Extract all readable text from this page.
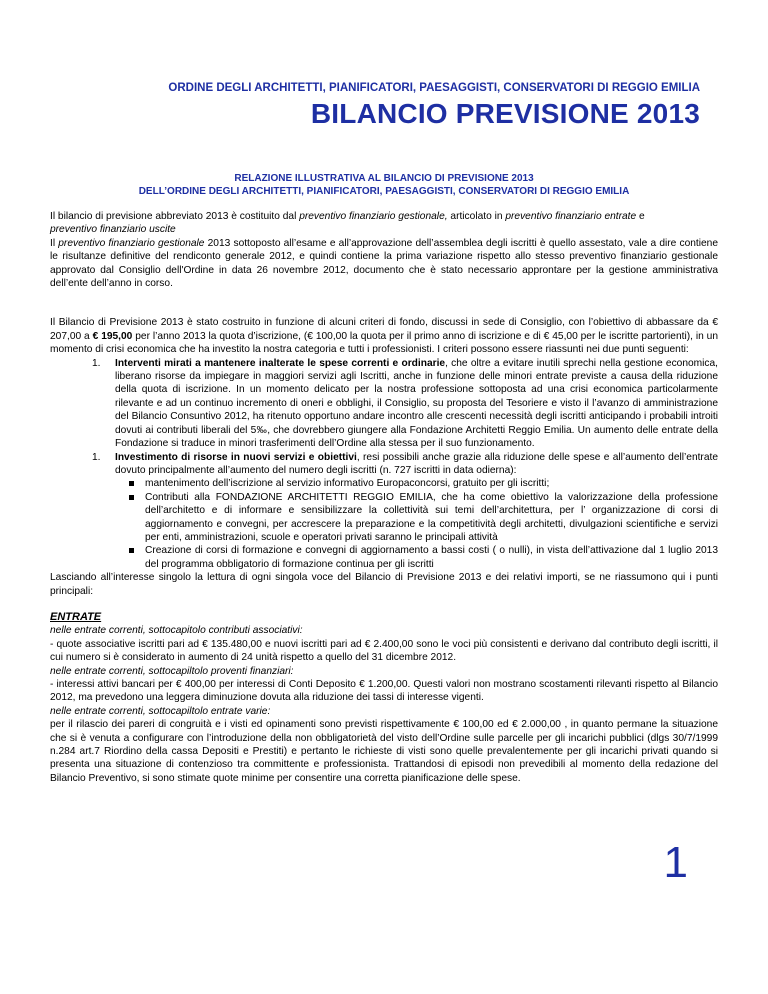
ORDINE DEGLI ARCHITETTI, PIANIFICATORI, PAESAGGISTI, CONSERVATORI DI REGGIO EMILIA
BILANCIO PREVISIONE 2013
RELAZIONE ILLUSTRATIVA AL BILANCIO DI PREVISIONE 2013
DELL’ORDINE DEGLI ARCHITETTI, PIANIFICATORI, PAESAGGISTI, CONSERVATORI DI REGGIO EMILIA

Il bilancio di previsione abbreviato 2013 è costituito dal preventivo finanziario gestionale, articolato in preventivo finanziario entrate e
preventivo finanziario uscite

Il preventivo finanziario gestionale 2013 sottoposto all’esame e all’approvazione dell’assemblea degli iscritti è quello assestato, vale a dire contiene le risultanze definitive del rendiconto generale 2012, e quindi contiene la prima variazione rispetto allo stesso preventivo finanziario gestionale approvato dal Consiglio dell'Ordine in data 26 novembre 2012, documento che è stato necessario approntare per la gestione amministrativa dell’ente dell’anno in corso.

Il Bilancio di Previsione 2013 è stato costruito in funzione di alcuni criteri di fondo, discussi in sede di Consiglio, con l’obiettivo di abbassare da € 207,00 a € 195,00 per l’anno 2013 la quota d’iscrizione, (€ 100,00 la quota per il primo anno di iscrizione e di € 45,00 per le iscritte partorienti), in un momento di crisi economica che ha investito la nostra categoria e tutti i professionisti. I criteri possono essere riassunti nei due punti seguenti:

1. Interventi mirati a mantenere inalterate le spese correnti e ordinarie, che oltre a evitare inutili sprechi nella gestione economica, liberano risorse da impiegare in maggiori servizi agli Iscritti, anche in funzione delle minori entrate previste a causa della riduzione della quota di iscrizione. In un momento delicato per la nostra professione sottoposta ad una crisi economica particolarmente rilevante e ad un continuo incremento di oneri e obblighi, il Consiglio, su proposta del Tesoriere e visto il l’avanzo di amministrazione del Bilancio Consuntivo 2012, ha ritenuto opportuno andare incontro alle crescenti necessità degli iscritti anticipando i probabili introiti dovuti ai contributi liberali del 5‰, che dovrebbero giungere alla Fondazione Architetti Reggio Emilia. Un aumento delle entrate della Fondazione si traduce in minori trasferimenti dell’Ordine alla stessa per il suo funzionamento.
1. Investimento di risorse in nuovi servizi e obiettivi, resi possibili anche grazie alla riduzione delle spese e all’aumento dell’entrate dovuto principalmente all’aumento del numero degli iscritti (n. 727 iscritti in data odierna):
mantenimento dell’iscrizione al servizio informativo Europaconcorsi, gratuito per gli iscritti;
Contributi alla FONDAZIONE ARCHITETTI REGGIO EMILIA, che ha come obiettivo la valorizzazione della professione dell’architetto e di informare e sensibilizzare la collettività sui temi dell’architettura, per l’ organizzazione di corsi di aggiornamento e convegni, per accrescere la preparazione e la competitività degli architetti, divulgazioni scientifiche e servizi per enti, amministrazioni, scuole e operatori privati saranno le principali attività
Creazione di corsi di formazione e convegni di aggiornamento a bassi costi ( o nulli), in vista dell’attivazione dal 1 luglio 2013 del programma obbligatorio di formazione continua per gli iscritti

Lasciando all’interesse singolo la lettura di ogni singola voce del Bilancio di Previsione 2013 e dei relativi importi, se ne riassumono qui i punti principali:

ENTRATE

nelle entrate correnti, sottocapitolo contributi associativi:

- quote associative iscritti pari ad € 135.480,00 e nuovi iscritti pari ad € 2.400,00 sono le voci più consistenti e derivano dal contributo degli iscritti, il cui numero si è considerato in aumento di 24 unità rispetto a quello del 31 dicembre 2012.

nelle entrate correnti, sottocapiltolo proventi finanziari:

- interessi attivi bancari per € 400,00 per interessi di Conti Deposito € 1.200,00. Questi valori non mostrano scostamenti rilevanti rispetto al Bilancio 2012, ma prevedono una leggera diminuzione dovuta alla riduzione dei tassi di interesse vigenti.

nelle entrate correnti, sottocapiltolo entrate varie:

per il rilascio dei pareri di congruità e i visti ed opinamenti sono previsti rispettivamente € 100,00 ed € 2.000,00 , in quanto permane la situazione che si è venuta a configurare con l’introduzione della non obbligatorietà del visto dell’Ordine sulle parcelle per gli incarichi pubblici (dlgs 30/7/1999 n.284 art.7 Riordino della cassa Depositi e Prestiti) e pertanto le richieste di visti sono quelle prevalentemente per gli incarichi privati quando si presenta una situazione di contenzioso tra committente e professionista. Trattandosi di episodi non prevedibili al momento della redazione del Bilancio Preventivo, si sono stimate quote minime per consentire una corretta pianificazione delle spese.

1
